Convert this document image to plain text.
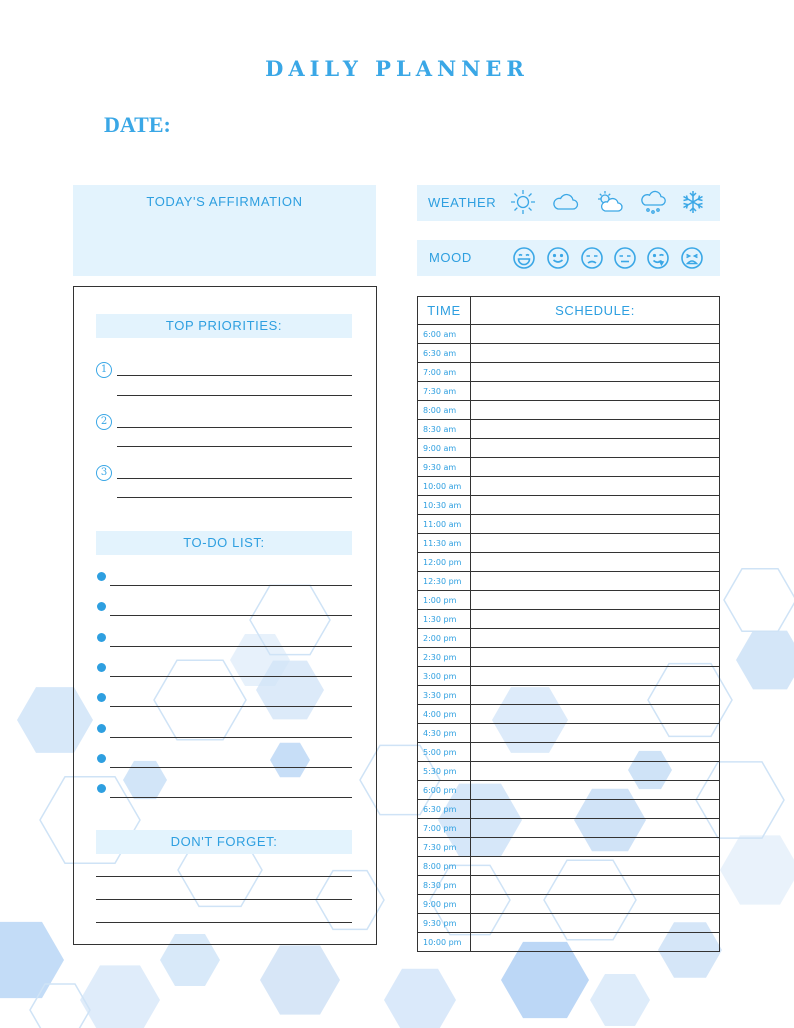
DAILY PLANNER
DATE:
TODAY'S AFFIRMATION	WEATHER
MOOD
TOP PRIORITIES:
1
2
3
TO-DO LIST:
DON'T FORGET:
TIME	SCHEDULE:
6:00 am	
6:30 am	
7:00 am	
7:30 am	
8:00 am	
8:30 am	
9:00 am	
9:30 am	
10:00 am	
10:30 am	
11:00 am	
11:30 am	
12:00 pm	
12:30 pm	
1:00 pm	
1:30 pm	
2:00 pm	
2:30 pm	
3:00 pm	
3:30 pm	
4:00 pm	
4:30 pm	
5:00 pm	
5:30 pm	
6:00 pm	
6:30 pm	
7:00 pm	
7:30 pm	
8:00 pm	
8:30 pm	
9:00 pm	
9:30 pm	
10:00 pm	
